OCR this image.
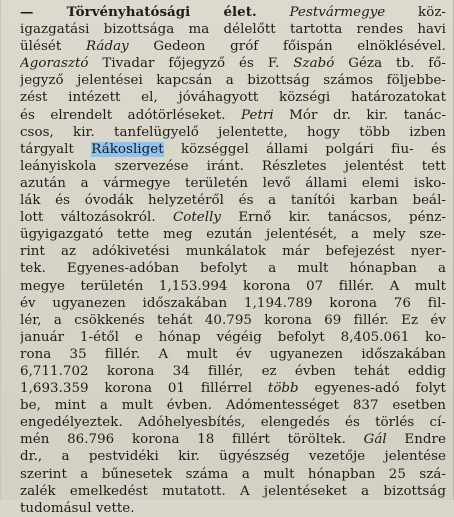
— Törvényhatósági élet. Pestvármegye köz-
igazgatási bizottsága ma délelőtt tartotta rendes havi
ülését Ráday Gedeon gróf főispán elnöklésével.
Agorasztó Tivadar főjegyző és F. Szabó Géza tb. fő-
jegyző jelentései kapcsán a bizottság számos följebbe-
zést intézett el, jóváhagyott községi határozatokat
és elrendelt adótörléseket. Petri Mór dr. kir. tanác-
csos, kir. tanfelügyelő jelentette, hogy több izben
tárgyalt Rákosliget községgel állami polgári fiu- és
leányiskola szervezése iránt. Részletes jelentést tett
azután a vármegye területén levő állami elemi isko-
lák és óvodák helyzetéről és a tanítói karban beál-
lott változásokról. Cotelly Ernő kir. tanácsos, pénz-
ügyigazgató tette meg ezután jelentését, a mely sze-
rint az adókivetési munkálatok már befejezést nyer-
tek. Egyenes-adóban befolyt a mult hónapban a
megye területén 1,153.994 korona 07 fillér. A mult
év ugyanezen időszakában 1,194.789 korona 76 fil-
lér, a csökkenés tehát 40.795 korona 69 fillér. Ez év
január 1-étől e hónap végéig befolyt 8,405.061 ko-
rona 35 fillér. A mult év ugyanezen időszakában
6,711.702 korona 34 fillér, ez évben tehát eddig
1,693.359 korona 01 fillérrel több egyenes-adó folyt
be, mint a mult évben. Adómentességet 837 esetben
engedélyeztek. Adóhelyesbítés, elengedés és törlés cí-
mén 86.796 korona 18 fillért töröltek. Gál Endre
dr., a pestvidéki kir. ügyészség vezetője jelentése
szerint a bűnesetek száma a mult hónapban 25 szá-
zalék emelkedést mutatott. A jelentéseket a bizottság
tudomásul vette.
